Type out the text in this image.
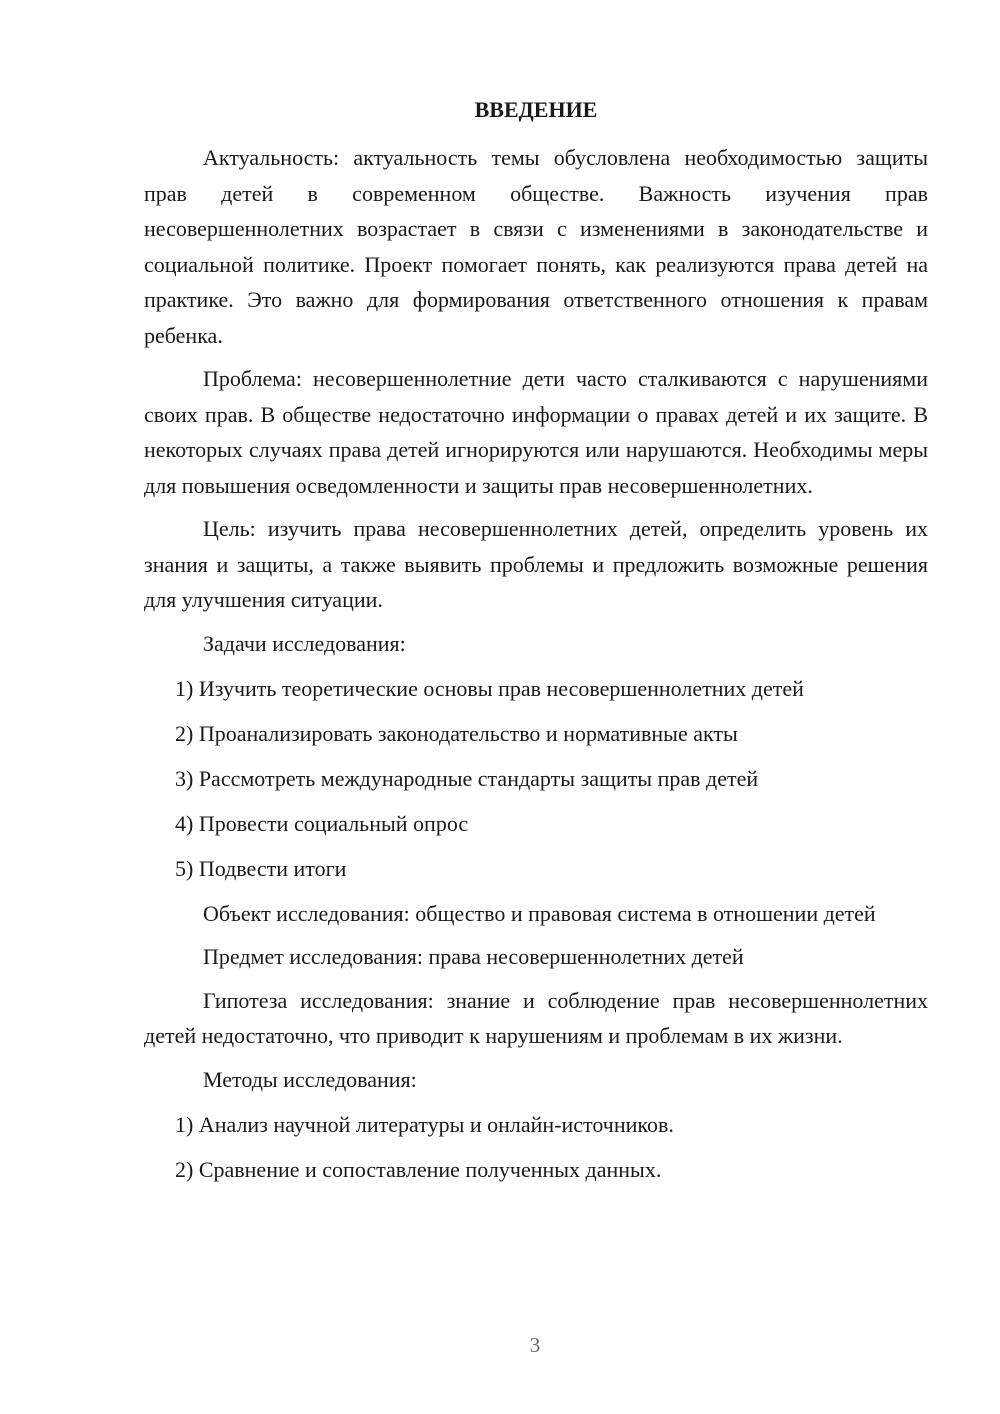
ВВЕДЕНИЕ

Актуальность: актуальность темы обусловлена необходимостью защиты прав детей в современном обществе. Важность изучения прав несовершеннолетних возрастает в связи с изменениями в законодательстве и социальной политике. Проект помогает понять, как реализуются права детей на практике. Это важно для формирования ответственного отношения к правам ребенка.

Проблема: несовершеннолетние дети часто сталкиваются с нарушениями своих прав. В обществе недостаточно информации о правах детей и их защите. В некоторых случаях права детей игнорируются или нарушаются. Необходимы меры для повышения осведомленности и защиты прав несовершеннолетних.

Цель: изучить права несовершеннолетних детей, определить уровень их знания и защиты, а также выявить проблемы и предложить возможные решения для улучшения ситуации.

Задачи исследования:
1) Изучить теоретические основы прав несовершеннолетних детей
2) Проанализировать законодательство и нормативные акты
3) Рассмотреть международные стандарты защиты прав детей
4) Провести социальный опрос
5) Подвести итоги

Объект исследования: общество и правовая система в отношении детей

Предмет исследования: права несовершеннолетних детей

Гипотеза исследования: знание и соблюдение прав несовершеннолетних детей недостаточно, что приводит к нарушениям и проблемам в их жизни.

Методы исследования:
1) Анализ научной литературы и онлайн-источников.
2) Сравнение и сопоставление полученных данных.
3
